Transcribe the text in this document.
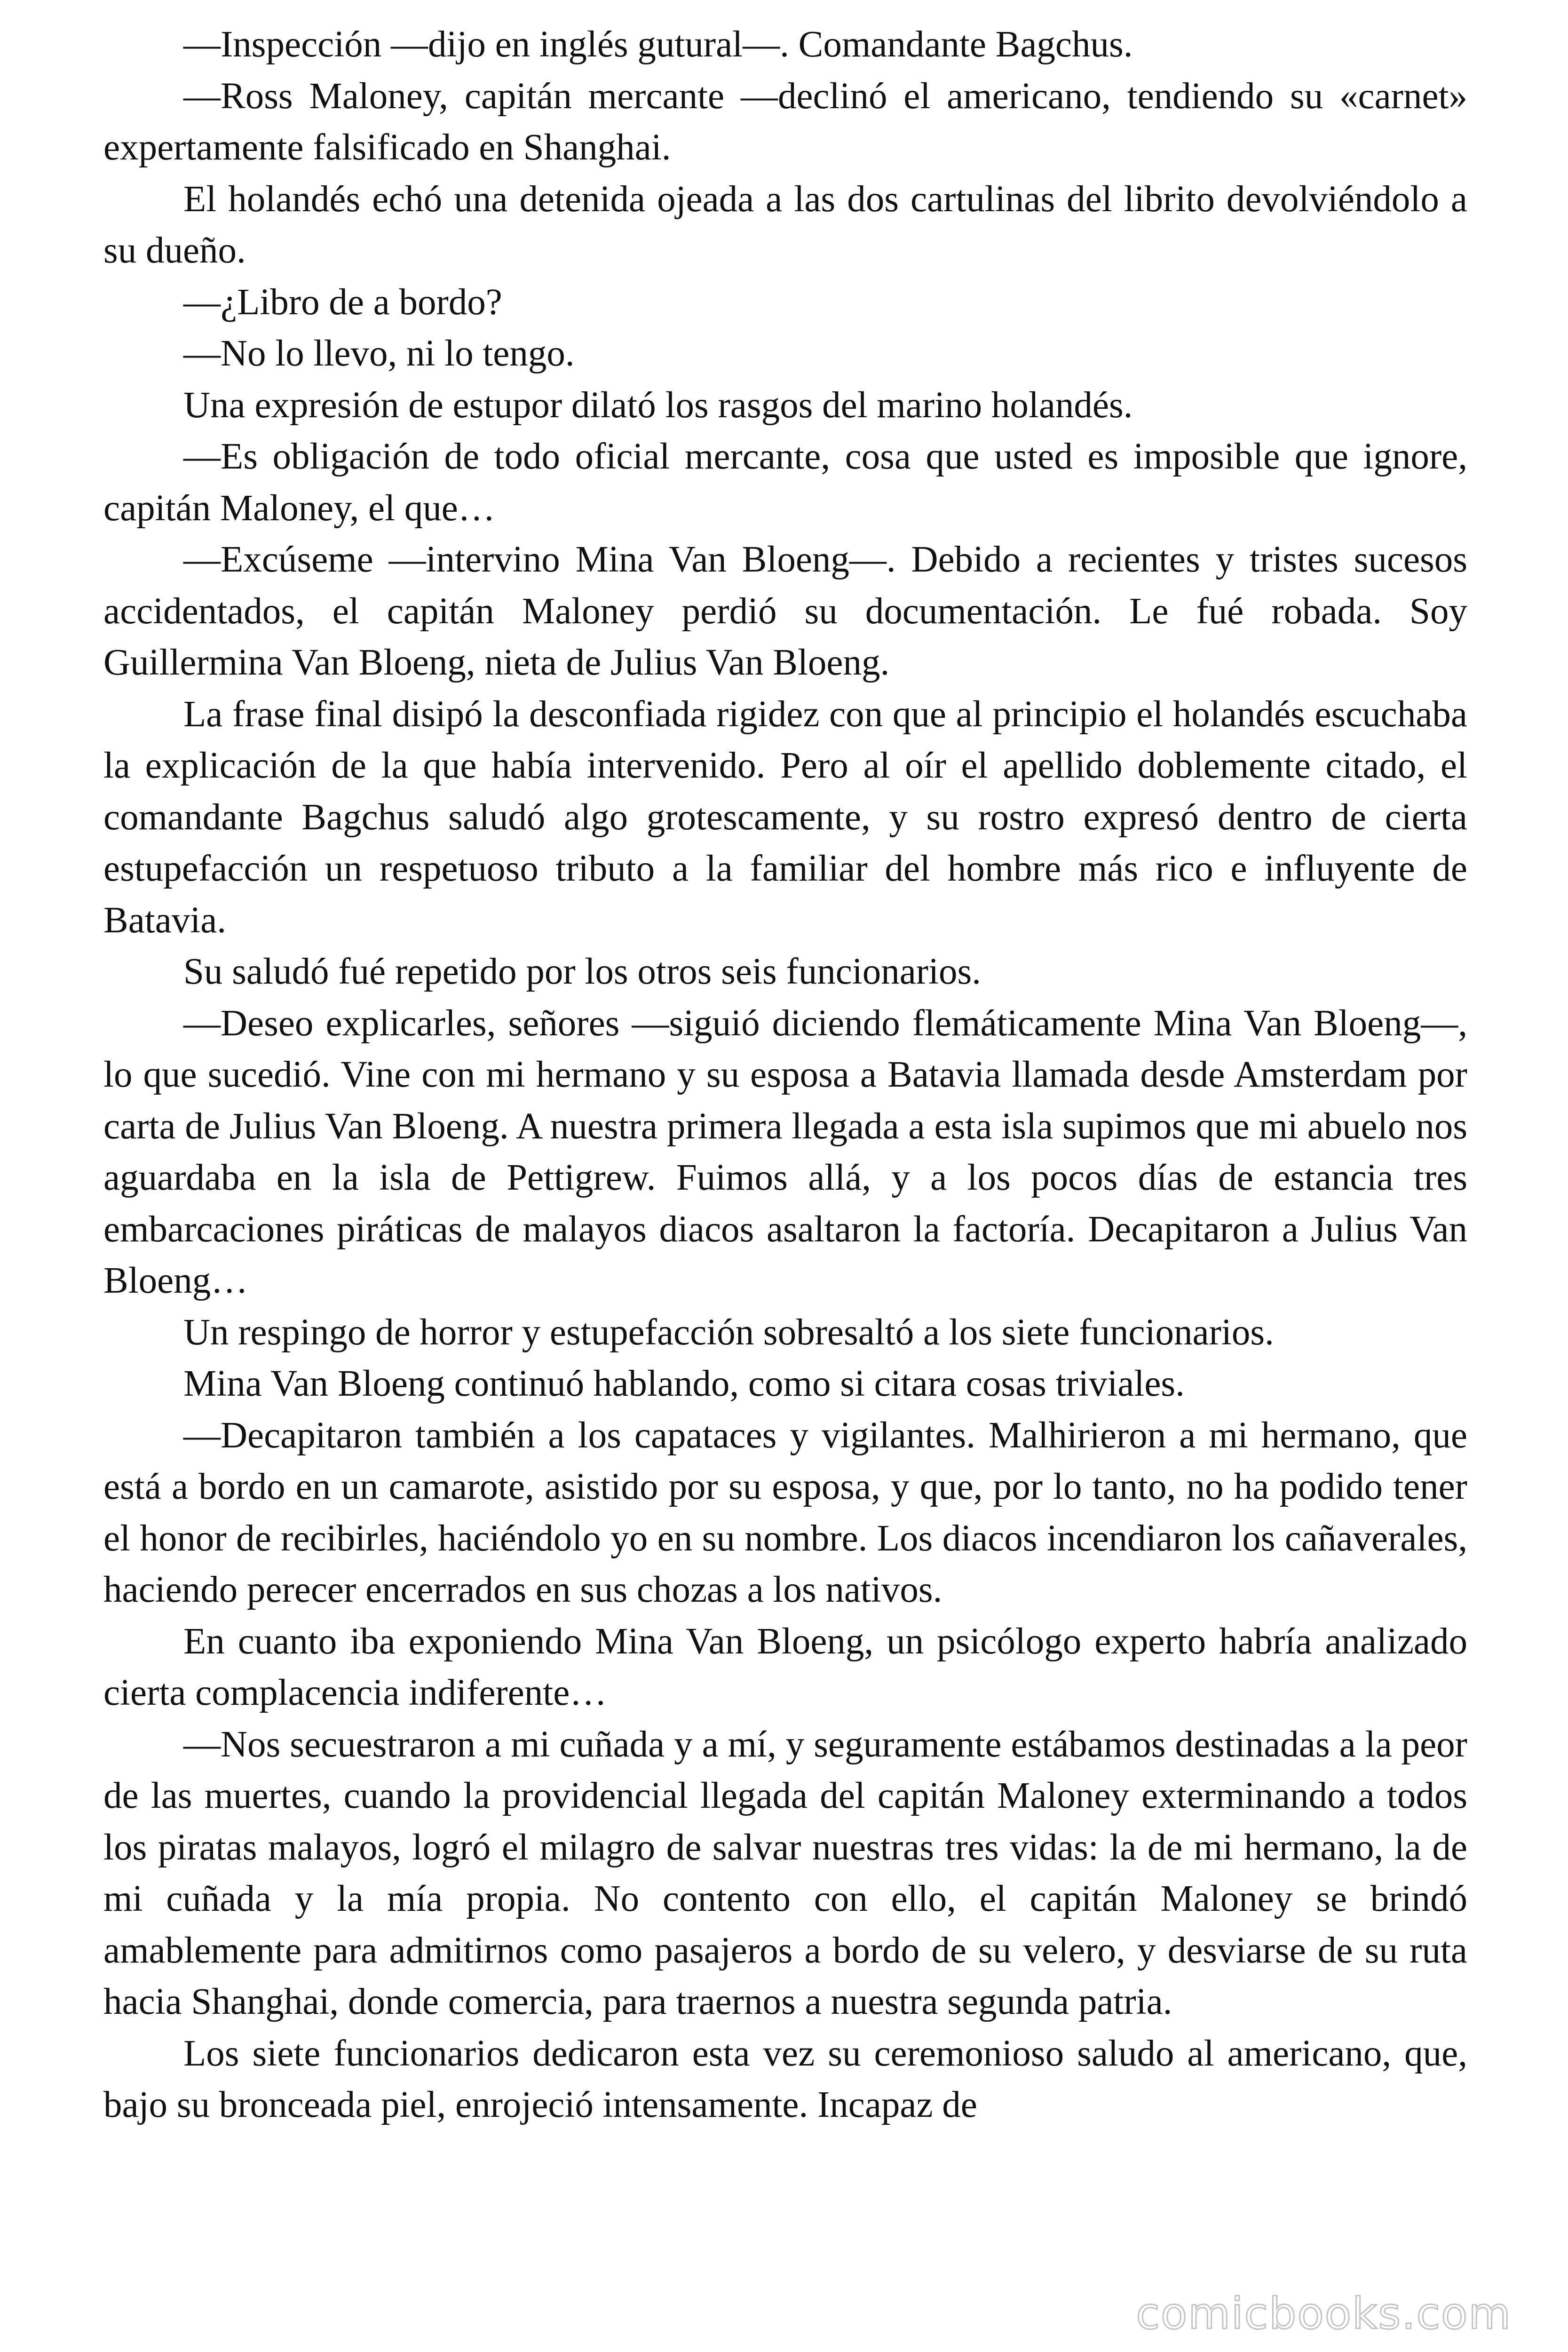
—Inspección —dijo en inglés gutural—. Comandante Bagchus.

—Ross Maloney, capitán mercante —declinó el americano, tendiendo su «carnet» expertamente falsificado en Shanghai.

El holandés echó una detenida ojeada a las dos cartulinas del librito devolviéndolo a su dueño.

—¿Libro de a bordo?

—No lo llevo, ni lo tengo.

Una expresión de estupor dilató los rasgos del marino holandés.

—Es obligación de todo oficial mercante, cosa que usted es imposible que ignore, capitán Maloney, el que…

—Excúseme —intervino Mina Van Bloeng—. Debido a recientes y tristes sucesos accidentados, el capitán Maloney perdió su documentación. Le fué robada. Soy Guillermina Van Bloeng, nieta de Julius Van Bloeng.

La frase final disipó la desconfiada rigidez con que al principio el holandés escuchaba la explicación de la que había intervenido. Pero al oír el apellido doblemente citado, el comandante Bagchus saludó algo grotescamente, y su rostro expresó dentro de cierta estupefacción un respetuoso tributo a la familiar del hombre más rico e influyente de Batavia.

Su saludó fué repetido por los otros seis funcionarios.

—Deseo explicarles, señores —siguió diciendo flemáticamente Mina Van Bloeng—, lo que sucedió. Vine con mi hermano y su esposa a Batavia llamada desde Amsterdam por carta de Julius Van Bloeng. A nuestra primera llegada a esta isla supimos que mi abuelo nos aguardaba en la isla de Pettigrew. Fuimos allá, y a los pocos días de estancia tres embarcaciones piráticas de malayos diacos asaltaron la factoría. Decapitaron a Julius Van Bloeng…

Un respingo de horror y estupefacción sobresaltó a los siete funcionarios.

Mina Van Bloeng continuó hablando, como si citara cosas triviales.

—Decapitaron también a los capataces y vigilantes. Malhirieron a mi hermano, que está a bordo en un camarote, asistido por su esposa, y que, por lo tanto, no ha podido tener el honor de recibirles, haciéndolo yo en su nombre. Los diacos incendiaron los cañaverales, haciendo perecer encerrados en sus chozas a los nativos.

En cuanto iba exponiendo Mina Van Bloeng, un psicólogo experto habría analizado cierta complacencia indiferente…

—Nos secuestraron a mi cuñada y a mí, y seguramente estábamos destinadas a la peor de las muertes, cuando la providencial llegada del capitán Maloney exterminando a todos los piratas malayos, logró el milagro de salvar nuestras tres vidas: la de mi hermano, la de mi cuñada y la mía propia. No contento con ello, el capitán Maloney se brindó amablemente para admitirnos como pasajeros a bordo de su velero, y desviarse de su ruta hacia Shanghai, donde comercia, para traernos a nuestra segunda patria.

Los siete funcionarios dedicaron esta vez su ceremonioso saludo al americano, que, bajo su bronceada piel, enrojeció intensamente. Incapaz de

comicbooks.com
